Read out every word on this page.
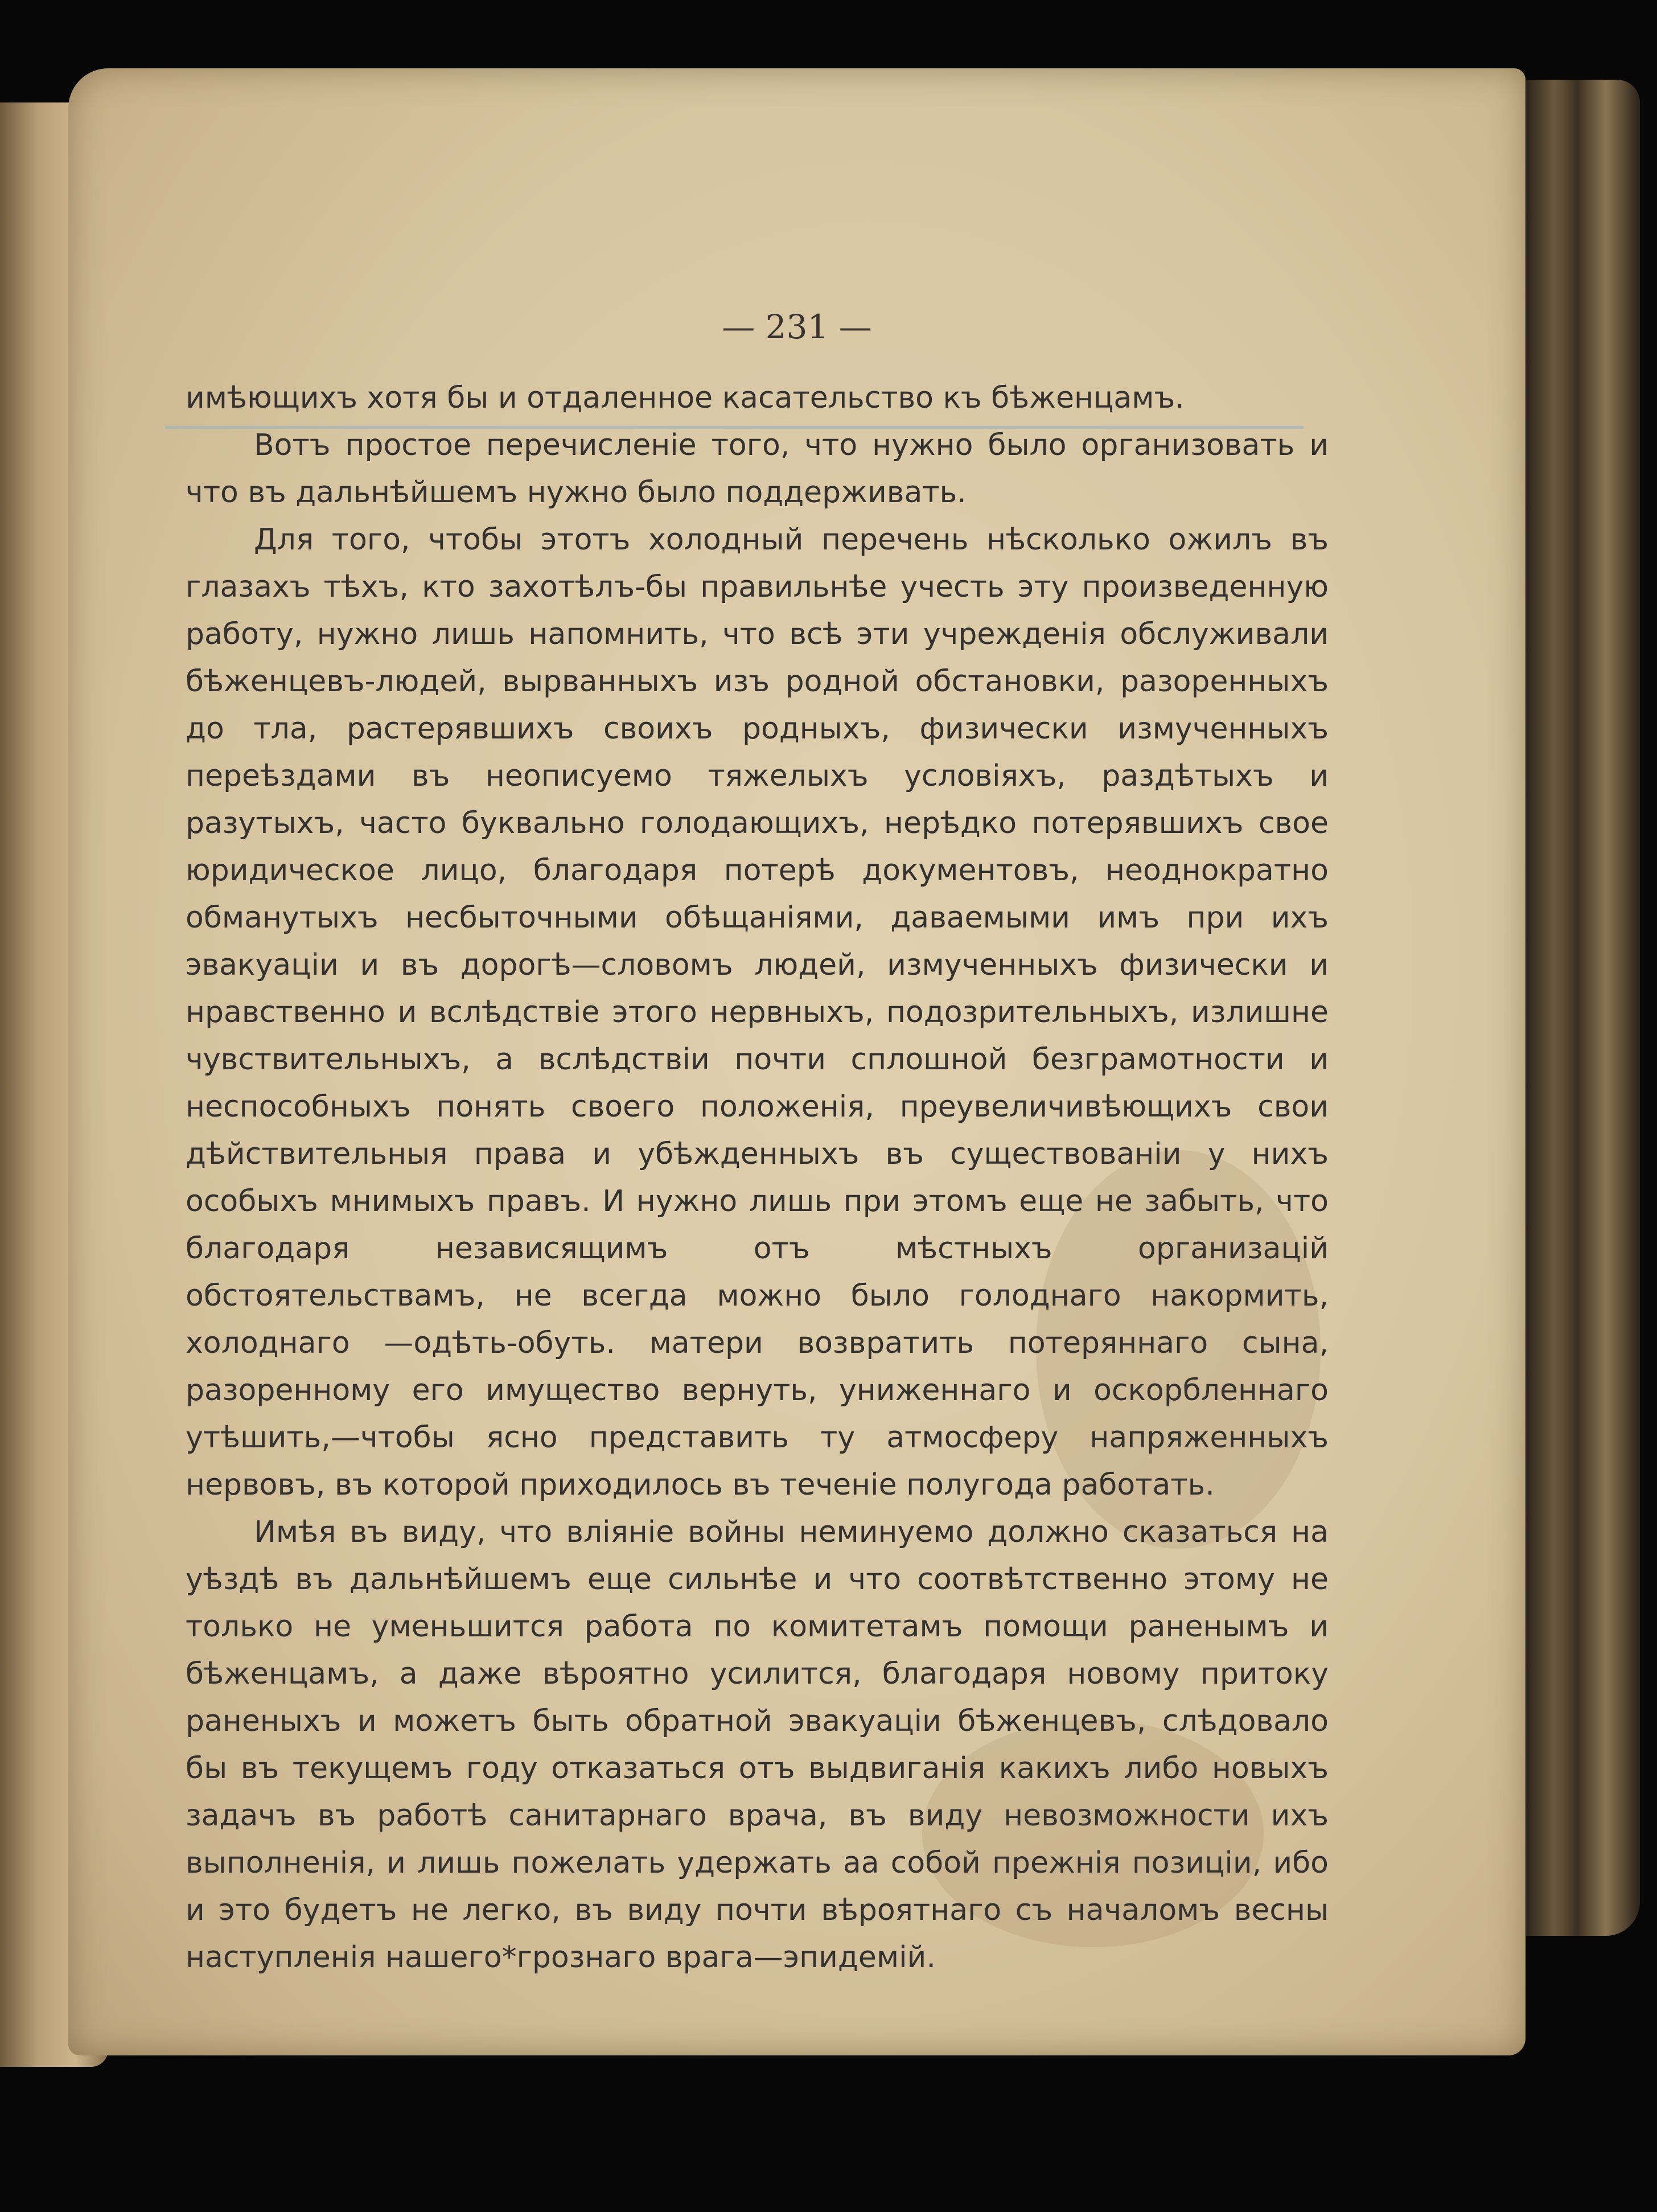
— 231 —

имѣющихъ хотя бы и отдаленное касательство къ бѣженцамъ.

Вотъ простое перечисленіе того, что нужно было организовать и что въ дальнѣйшемъ нужно было поддерживать.

Для того, чтобы этотъ холодный перечень нѣсколько ожилъ въ глазахъ тѣхъ, кто захотѣлъ-бы правильнѣе учесть эту произведенную работу, нужно лишь напомнить, что всѣ эти учрежденія обслуживали бѣженцевъ-людей, вырванныхъ изъ родной обстановки, разоренныхъ до тла, растерявшихъ своихъ родныхъ, физически измученныхъ переѣздами въ неописуемо тяжелыхъ условіяхъ, раздѣтыхъ и разутыхъ, часто буквально голодающихъ, нерѣдко потерявшихъ свое юридическое лицо, благодаря потерѣ документовъ, неоднократно обманутыхъ несбыточными обѣщаніями, даваемыми имъ при ихъ эвакуаціи и въ дорогѣ—словомъ людей, измученныхъ физически и нравственно и вслѣдствіе этого нервныхъ, подозрительныхъ, излишне чувствительныхъ, а вслѣдствіи почти сплошной безграмотности и неспособныхъ понять своего положенія, преувеличивѣющихъ свои дѣйствительныя права и убѣжденныхъ въ существованіи у нихъ особыхъ мнимыхъ правъ. И нужно лишь при этомъ еще не забыть, что благодаря независящимъ отъ мѣстныхъ организацій обстоятельствамъ, не всегда можно было голоднаго накормить, холоднаго —одѣть-обуть. матери возвратить потеряннаго сына, разоренному его имущество вернуть, униженнаго и оскорбленнаго утѣшить,—чтобы ясно представить ту атмосферу напряженныхъ нервовъ, въ которой приходилось въ теченіе полугода работать.

Имѣя въ виду, что вліяніе войны неминуемо должно сказаться на уѣздѣ въ дальнѣйшемъ еще сильнѣе и что соотвѣтственно этому не только не уменьшится работа по комитетамъ помощи раненымъ и бѣженцамъ, а даже вѣроятно усилится, благодаря новому притоку раненыхъ и можетъ быть обратной эвакуаціи бѣженцевъ, слѣдовало бы въ текущемъ году отказаться отъ выдвиганія какихъ либо новыхъ задачъ въ работѣ санитарнаго врача, въ виду невозможности ихъ выполненія, и лишь пожелать удержать аа собой прежнія позиціи, ибо и это будетъ не легко, въ виду почти вѣроятнаго съ началомъ весны наступленія нашего*грознаго врага—эпидемій.
